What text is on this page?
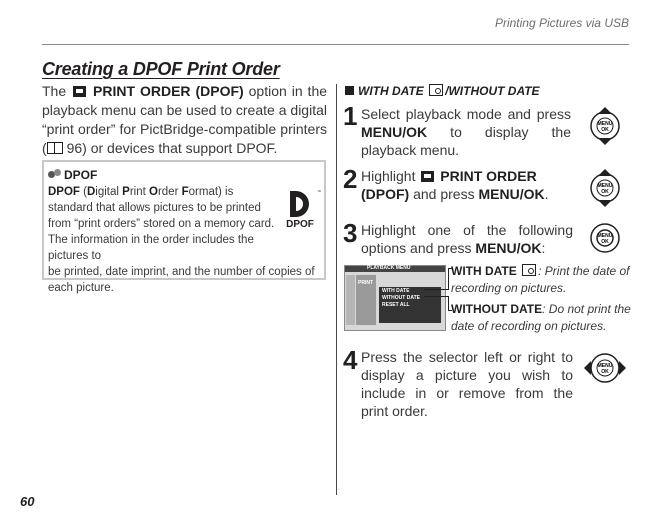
Printing Pictures via USB
60
Creating a DPOF Print Order
The PRINT ORDER (DPOF) option in the playback menu can be used to create a digital “print order” for PictBridge-compatible printers ( 96) or devices that support DPOF.
DPOF
™
DPOF
DPOF (Digital Print Order Format) is standard that allows pictures to be printed from “print orders” stored on a memory card. The information in the order includes the pictures to
be printed, date imprint, and the number of copies of each picture.
WITH DATE /WITHOUT DATE
1 Select playback mode and press MENU/OK to display the playback menu.
MENU
OK
2 Highlight PRINT ORDER (DPOF) and press MENU/OK.	MENU
OK
3 Highlight one of the following options and press MENU/OK:
MENU
OK
PLAYBACK MENU
PRINT
WITH DATE
WITHOUT DATE
RESET ALL
WITH DATE : Print the date of recording on pictures.
WITHOUT DATE: Do not print the date of recording on pictures.
4 Press the selector left or right to display a picture you wish to include in or remove from the print order.
MENU
OK
